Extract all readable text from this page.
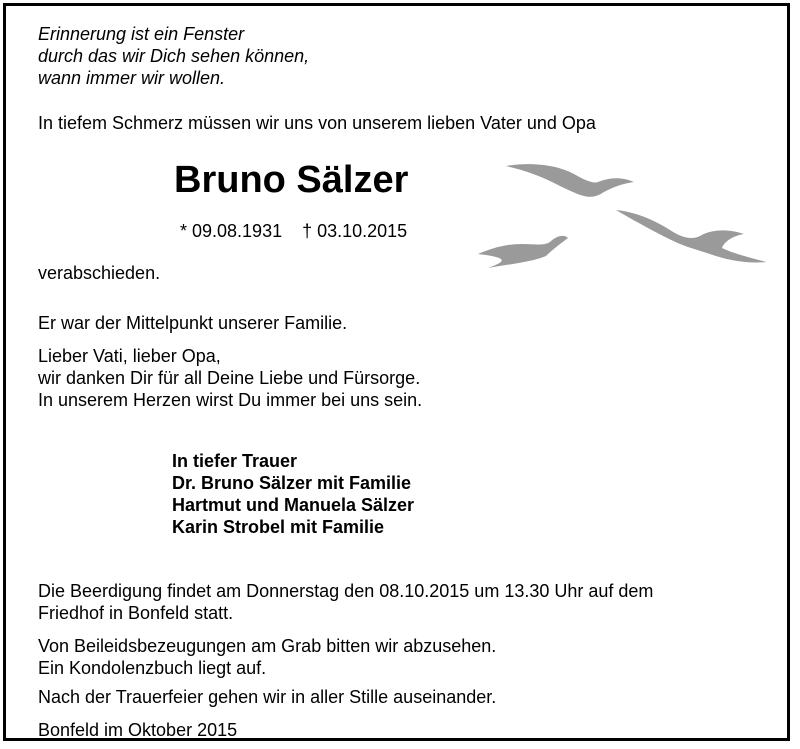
Erinnerung ist ein Fenster
durch das wir Dich sehen können,
wann immer wir wollen.
In tiefem Schmerz müssen wir uns von unserem lieben Vater und Opa
Bruno Sälzer
* 09.08.1931 † 03.10.2015
verabschieden.
Er war der Mittelpunkt unserer Familie.
Lieber Vati, lieber Opa,
wir danken Dir für all Deine Liebe und Fürsorge.
In unserem Herzen wirst Du immer bei uns sein.
In tiefer Trauer
Dr. Bruno Sälzer mit Familie
Hartmut und Manuela Sälzer
Karin Strobel mit Familie
Die Beerdigung findet am Donnerstag den 08.10.2015 um 13.30 Uhr auf dem
Friedhof in Bonfeld statt.
Von Beileidsbezeugungen am Grab bitten wir abzusehen.
Ein Kondolenzbuch liegt auf.
Nach der Trauerfeier gehen wir in aller Stille auseinander.
Bonfeld im Oktober 2015
